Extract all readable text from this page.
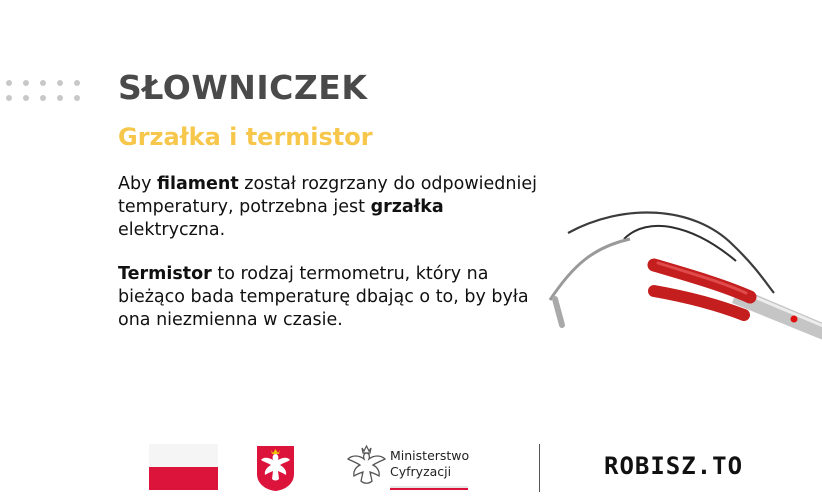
SŁOWNICZEK
Grzałka i termistor
Aby filament został rozgrzany do odpowiedniej temperatury, potrzebna jest grzałka elektryczna.
Termistor to rodzaj termometru, który na bieżąco bada temperaturę dbając o to, by była ona niezmienna w czasie.
Ministerstwo
Cyfryzacji	ROBISZ.TO
